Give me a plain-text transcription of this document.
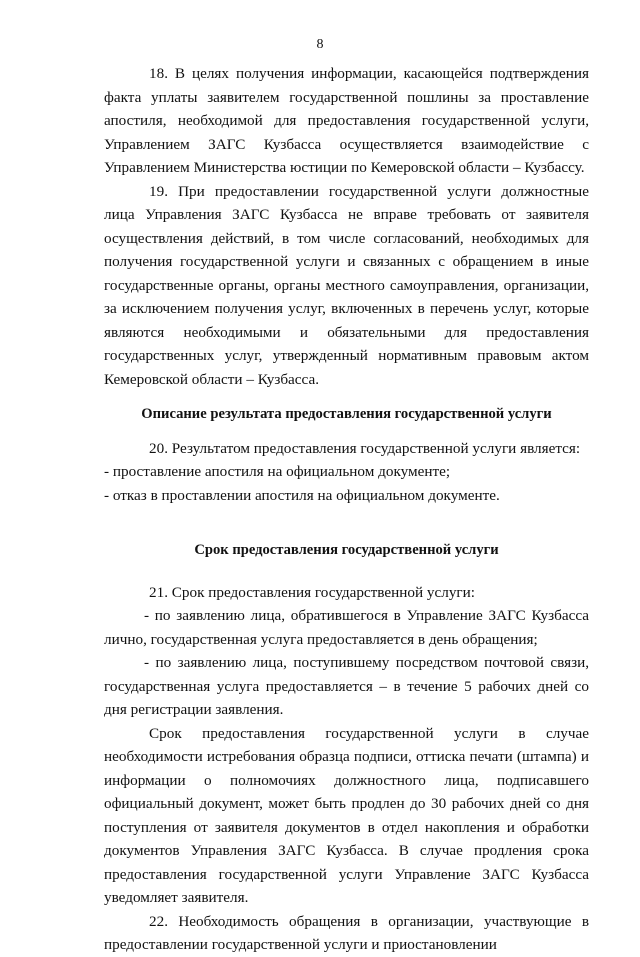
8

18. В целях получения информации, касающейся подтверждения факта уплаты заявителем государственной пошлины за проставление апостиля, необходимой для предоставления государственной услуги, Управлением ЗАГС Кузбасса осуществляется взаимодействие с Управлением Министерства юстиции по Кемеровской области – Кузбассу.

19. При предоставлении государственной услуги должностные лица Управления ЗАГС Кузбасса не вправе требовать от заявителя осуществления действий, в том числе согласований, необходимых для получения государственной услуги и связанных с обращением в иные государственные органы, органы местного самоуправления, организации, за исключением получения услуг, включенных в перечень услуг, которые являются необходимыми и обязательными для предоставления государственных услуг, утвержденный нормативным правовым актом Кемеровской области – Кузбасса.

Описание результата предоставления государственной услуги

20. Результатом предоставления государственной услуги является:

- проставление апостиля на официальном документе;

- отказ в проставлении апостиля на официальном документе.

Срок предоставления государственной услуги

21. Срок предоставления государственной услуги:

- по заявлению лица, обратившегося в Управление ЗАГС Кузбасса лично, государственная услуга предоставляется в день обращения;

- по заявлению лица, поступившему посредством почтовой связи, государственная услуга предоставляется – в течение 5 рабочих дней со дня регистрации заявления.

Срок предоставления государственной услуги в случае необходимости истребования образца подписи, оттиска печати (штампа) и информации о полномочиях должностного лица, подписавшего официальный документ, может быть продлен до 30 рабочих дней со дня поступления от заявителя документов в отдел накопления и обработки документов Управления ЗАГС Кузбасса. В случае продления срока предоставления государственной услуги Управление ЗАГС Кузбасса уведомляет заявителя.

22. Необходимость обращения в организации, участвующие в предоставлении государственной услуги и приостановлении
